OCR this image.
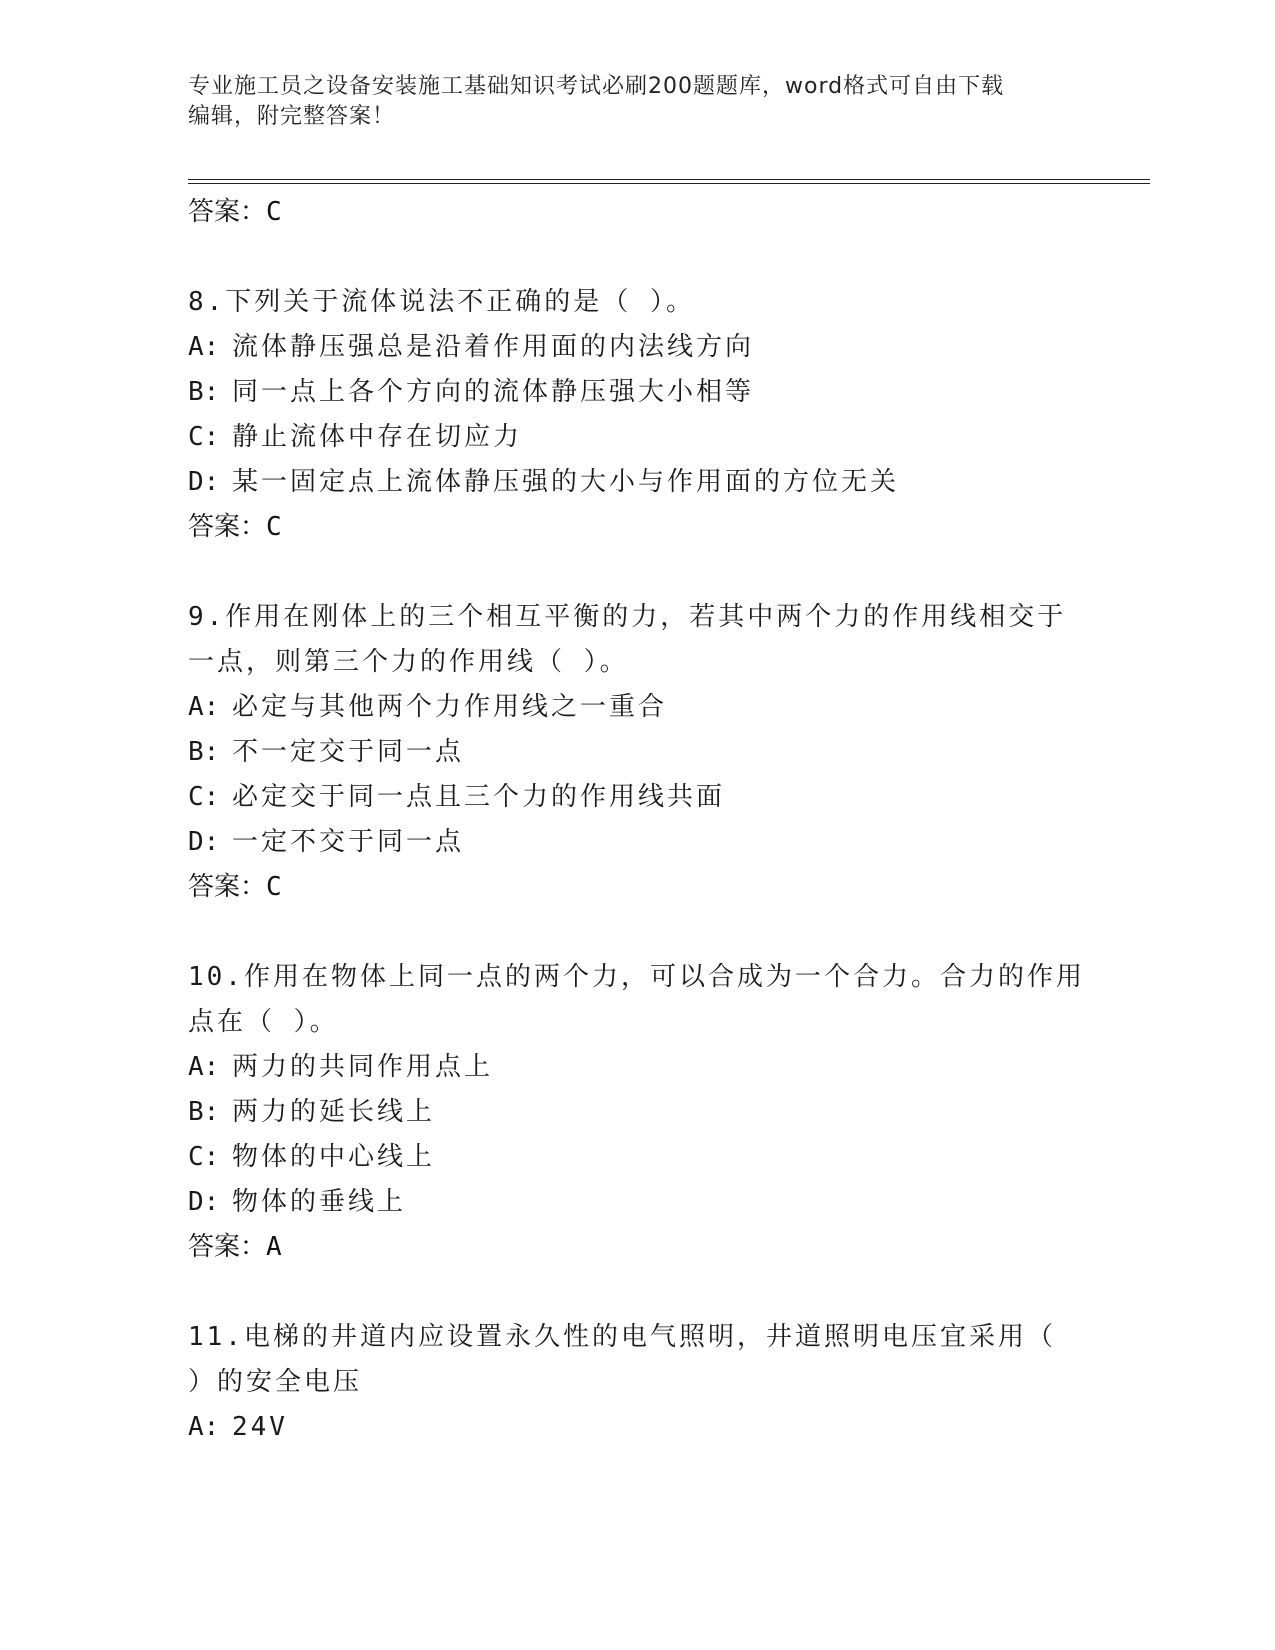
专业施工员之设备安装施工基础知识考试必刷200题题库，word格式可自由下载
编辑，附完整答案！
答案：C
8.下列关于流体说法不正确的是（ ）。
A: 流体静压强总是沿着作用面的内法线方向
B: 同一点上各个方向的流体静压强大小相等
C: 静止流体中存在切应力
D: 某一固定点上流体静压强的大小与作用面的方位无关
答案：C
9.作用在刚体上的三个相互平衡的力，若其中两个力的作用线相交于
一点，则第三个力的作用线（ ）。
A: 必定与其他两个力作用线之一重合
B: 不一定交于同一点
C: 必定交于同一点且三个力的作用线共面
D: 一定不交于同一点
答案：C
10.作用在物体上同一点的两个力，可以合成为一个合力。合力的作用
点在（ ）。
A: 两力的共同作用点上
B: 两力的延长线上
C: 物体的中心线上
D: 物体的垂线上
答案：A
11.电梯的井道内应设置永久性的电气照明，井道照明电压宜采用（
）的安全电压
A: 24V
